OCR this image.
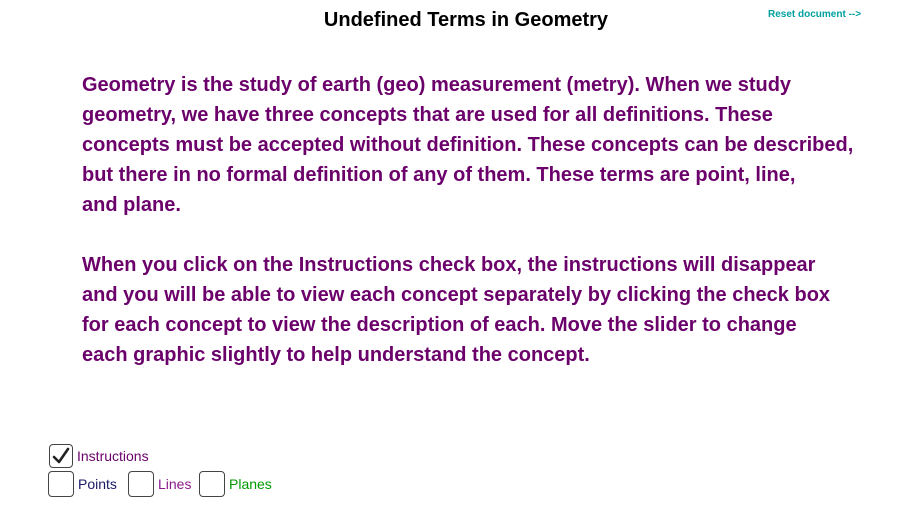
Undefined Terms in Geometry	Reset document -->
Geometry is the study of earth (geo) measurement (metry). When we study
geometry, we have three concepts that are used for all definitions. These
concepts must be accepted without definition. These concepts can be described,
but there in no formal definition of any of them. These terms are point, line,
and plane.
When you click on the Instructions check box, the instructions will disappear
and you will be able to view each concept separately by clicking the check box
for each concept to view the description of each. Move the slider to change
each graphic slightly to help understand the concept.
Instructions
Points	Lines	Planes
